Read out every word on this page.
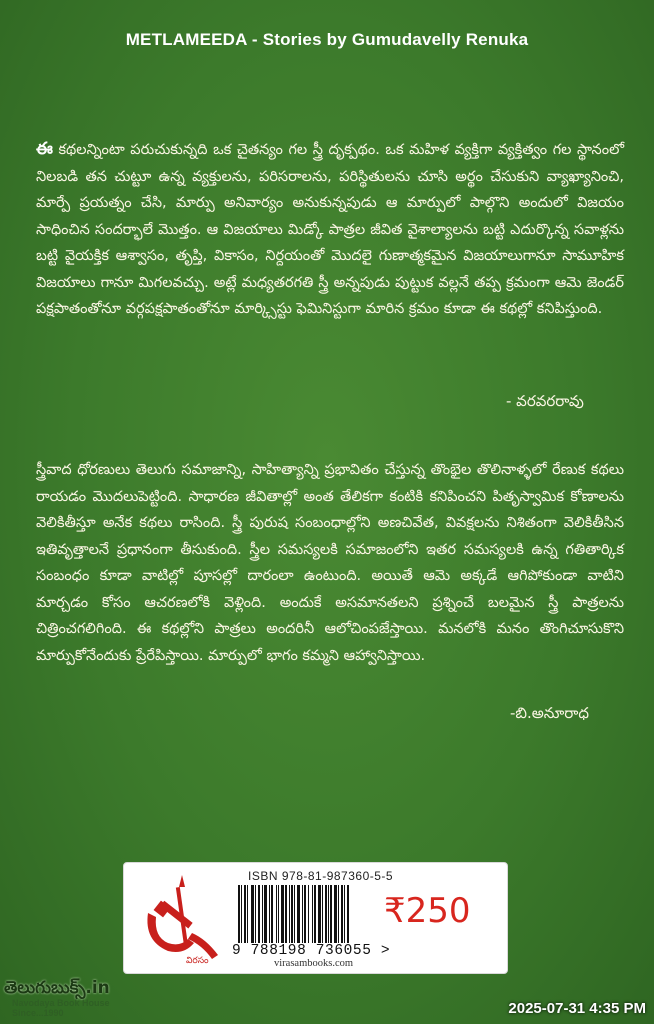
METLAMEEDA - Stories by Gumudavelly Renuka

ఈ కథలన్నింటా పరుచుకున్నది ఒక చైతన్యం గల స్త్రీ దృక్పథం. ఒక మహిళ వ్యక్తిగా వ్యక్తిత్వం గల స్థానంలో నిలబడి తన చుట్టూ ఉన్న వ్యక్తులను, పరిసరాలను, పరిస్థితులను చూసి అర్థం చేసుకుని వ్యాఖ్యానించి, మార్పే ప్రయత్నం చేసి, మార్పు అనివార్యం అనుకున్నపుడు ఆ మార్పులో పాల్గొని అందులో విజయం సాధించిన సందర్భాలే మొత్తం. ఆ విజయాలు మిడ్కో పాత్రల జీవిత వైశాల్యాలను బట్టి ఎదుర్కొన్న సవాళ్లను బట్టి వైయక్తిక ఆశ్వాసం, తృప్తి, వికాసం, నిర్దయంతో మొదలై గుణాత్మకమైన విజయాలుగానూ సామూహిక విజయాలు గానూ మిగలవచ్చు. అట్లే మధ్యతరగతి స్త్రీ అన్నపుడు పుట్టుక వల్లనే తప్ప క్రమంగా ఆమె జెండర్ పక్షపాతంతోనూ వర్గపక్షపాతంతోనూ మార్క్సిస్టు ఫెమినిస్టుగా మారిన క్రమం కూడా ఈ కథల్లో కనిపిస్తుంది.

- వరవరరావు

స్త్రీవాద ధోరణులు తెలుగు సమాజాన్ని, సాహిత్యాన్ని ప్రభావితం చేస్తున్న తొంభైల తొలినాళ్ళలో రేణుక కథలు రాయడం మొదలుపెట్టింది. సాధారణ జీవితాల్లో అంత తేలికగా కంటికి కనిపించని పితృస్వామిక కోణాలను వెలికితీస్తూ అనేక కథలు రాసింది. స్త్రీ పురుష సంబంధాల్లోని అణచివేత, వివక్షలను నిశితంగా వెలికితీసిన ఇతివృత్తాలనే ప్రధానంగా తీసుకుంది. స్త్రీల సమస్యలకి సమాజంలోని ఇతర సమస్యలకి ఉన్న గతితార్కిక సంబంధం కూడా వాటిల్లో పూసల్లో దారంలా ఉంటుంది. అయితే ఆమె అక్కడే ఆగిపోకుండా వాటిని మార్చడం కోసం ఆచరణలోకి వెళ్లింది. అందుకే అసమానతలని ప్రశ్నించే బలమైన స్త్రీ పాత్రలను చిత్రించగలిగింది. ఈ కథల్లోని పాత్రలు అందరినీ ఆలోచింపజేస్తాయి. మనలోకి మనం తొంగిచూసుకొని మార్పుకోనేందుకు ప్రేరేపిస్తాయి. మార్పులో భాగం కమ్మని ఆహ్వానిస్తాయి.

-బి.అనూరాధ
విరసం
ISBN 978-81-987360-5-5
9 788198 736055 >
virasambooks.com
₹250
తెలుగుబుక్స్.in
Navodaya Book House
Since...1990	2025-07-31 4:35 PM
